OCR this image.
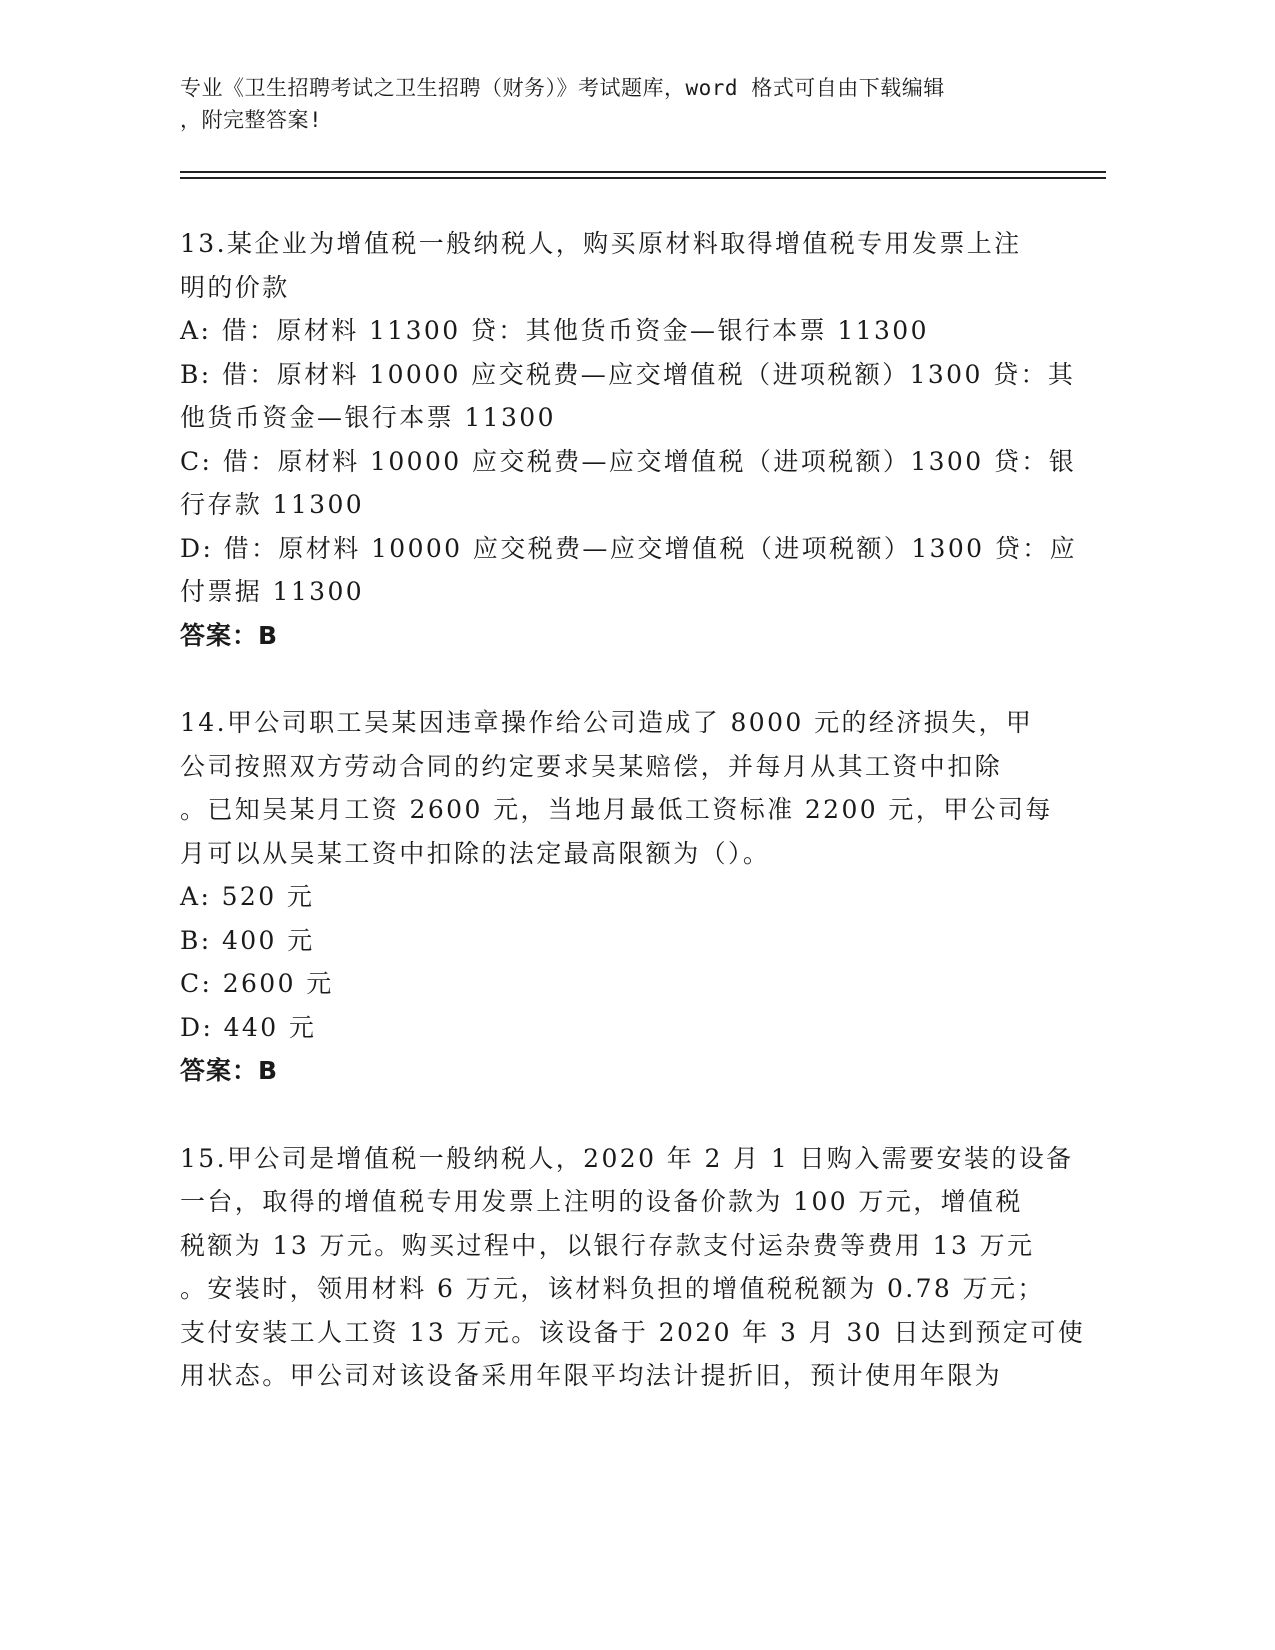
专业《卫生招聘考试之卫生招聘（财务）》考试题库，word 格式可自由下载编辑
，附完整答案!
13.某企业为增值税一般纳税人，购买原材料取得增值税专用发票上注
明的价款
A: 借：原材料 11300 贷：其他货币资金—银行本票 11300
B: 借：原材料 10000 应交税费—应交增值税（进项税额）1300 贷：其
他货币资金—银行本票 11300
C: 借：原材料 10000 应交税费—应交增值税（进项税额）1300 贷：银
行存款 11300
D: 借：原材料 10000 应交税费—应交增值税（进项税额）1300 贷：应
付票据 11300
答案：B
14.甲公司职工吴某因违章操作给公司造成了 8000 元的经济损失，甲
公司按照双方劳动合同的约定要求吴某赔偿，并每月从其工资中扣除
。已知吴某月工资 2600 元，当地月最低工资标准 2200 元，甲公司每
月可以从吴某工资中扣除的法定最高限额为（）。
A: 520 元
B: 400 元
C: 2600 元
D: 440 元
答案：B
15.甲公司是增值税一般纳税人，2020 年 2 月 1 日购入需要安装的设备
一台，取得的增值税专用发票上注明的设备价款为 100 万元，增值税
税额为 13 万元。购买过程中，以银行存款支付运杂费等费用 13 万元
。安装时，领用材料 6 万元，该材料负担的增值税税额为 0.78 万元；
支付安装工人工资 13 万元。该设备于 2020 年 3 月 30 日达到预定可使
用状态。甲公司对该设备采用年限平均法计提折旧，预计使用年限为
